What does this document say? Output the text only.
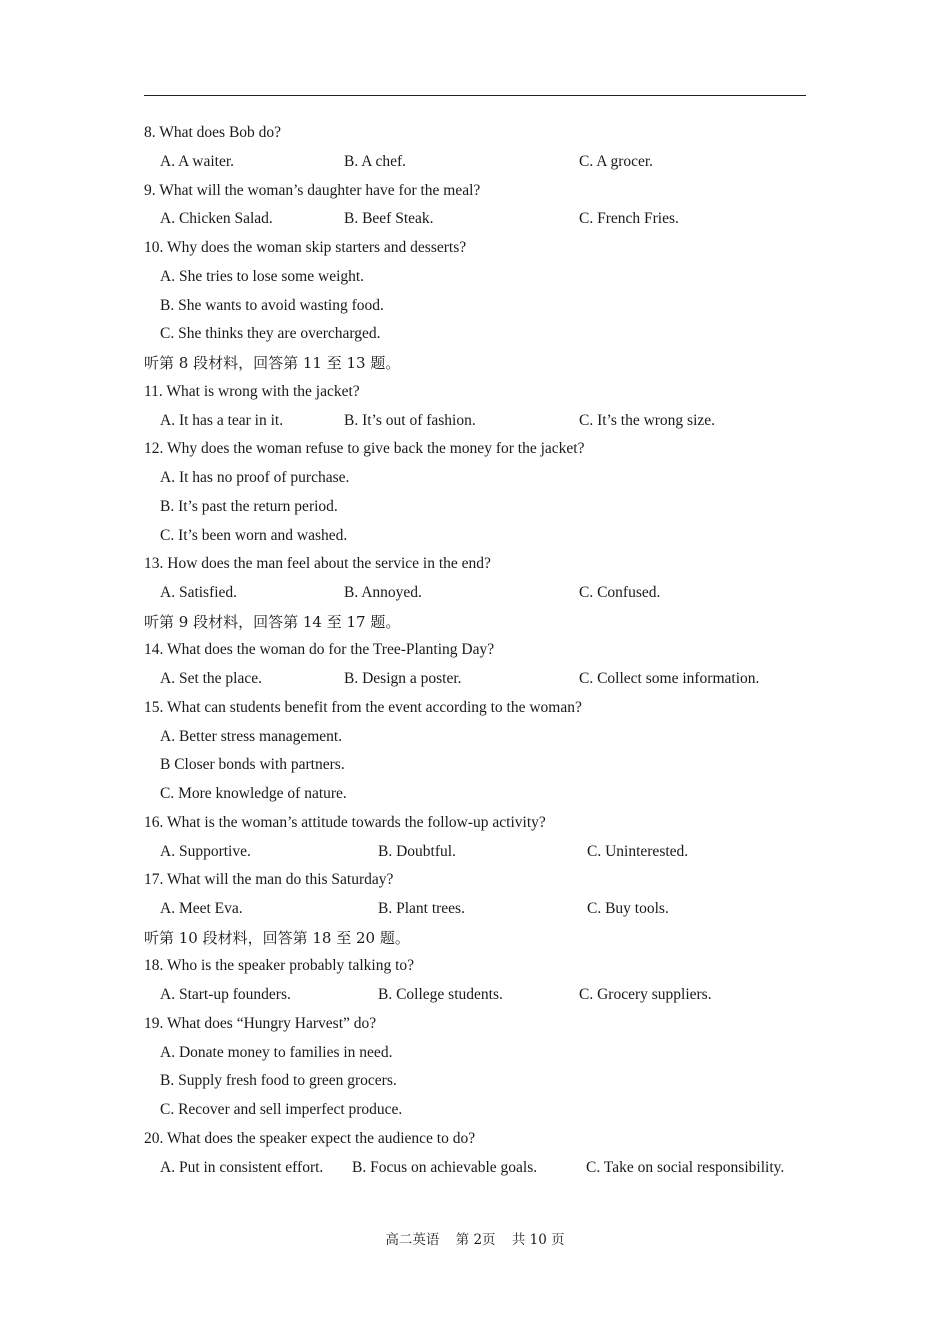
8. What does Bob do?
A. A waiter.	B. A chef.	C. A grocer.
9. What will the woman’s daughter have for the meal?
A. Chicken Salad.	B. Beef Steak.	C. French Fries.
10. Why does the woman skip starters and desserts?
A. She tries to lose some weight.
B. She wants to avoid wasting food.
C. She thinks they are overcharged.
听第 8 段材料，回答第 11 至 13 题。
11. What is wrong with the jacket?
A. It has a tear in it.	B. It’s out of fashion.	C. It’s the wrong size.
12. Why does the woman refuse to give back the money for the jacket?
A. It has no proof of purchase.
B. It’s past the return period.
C. It’s been worn and washed.
13. How does the man feel about the service in the end?
A. Satisfied.	B. Annoyed.	C. Confused.
听第 9 段材料，回答第 14 至 17 题。
14. What does the woman do for the Tree-Planting Day?
A. Set the place.	B. Design a poster.	C. Collect some information.
15. What can students benefit from the event according to the woman?
A. Better stress management.
B Closer bonds with partners.
C. More knowledge of nature.
16. What is the woman’s attitude towards the follow-up activity?
A. Supportive.	B. Doubtful.	C. Uninterested.
17. What will the man do this Saturday?
A. Meet Eva.	B. Plant trees.	C. Buy tools.
听第 10 段材料，回答第 18 至 20 题。
18. Who is the speaker probably talking to?
A. Start-up founders.	B. College students.	C. Grocery suppliers.
19. What does “Hungry Harvest” do?
A. Donate money to families in need.
B. Supply fresh food to green grocers.
C. Recover and sell imperfect produce.
20. What does the speaker expect the audience to do?
A. Put in consistent effort. B. Focus on achievable goals.	C. Take on social responsibility.
高二英语 第 2页 共 10 页
